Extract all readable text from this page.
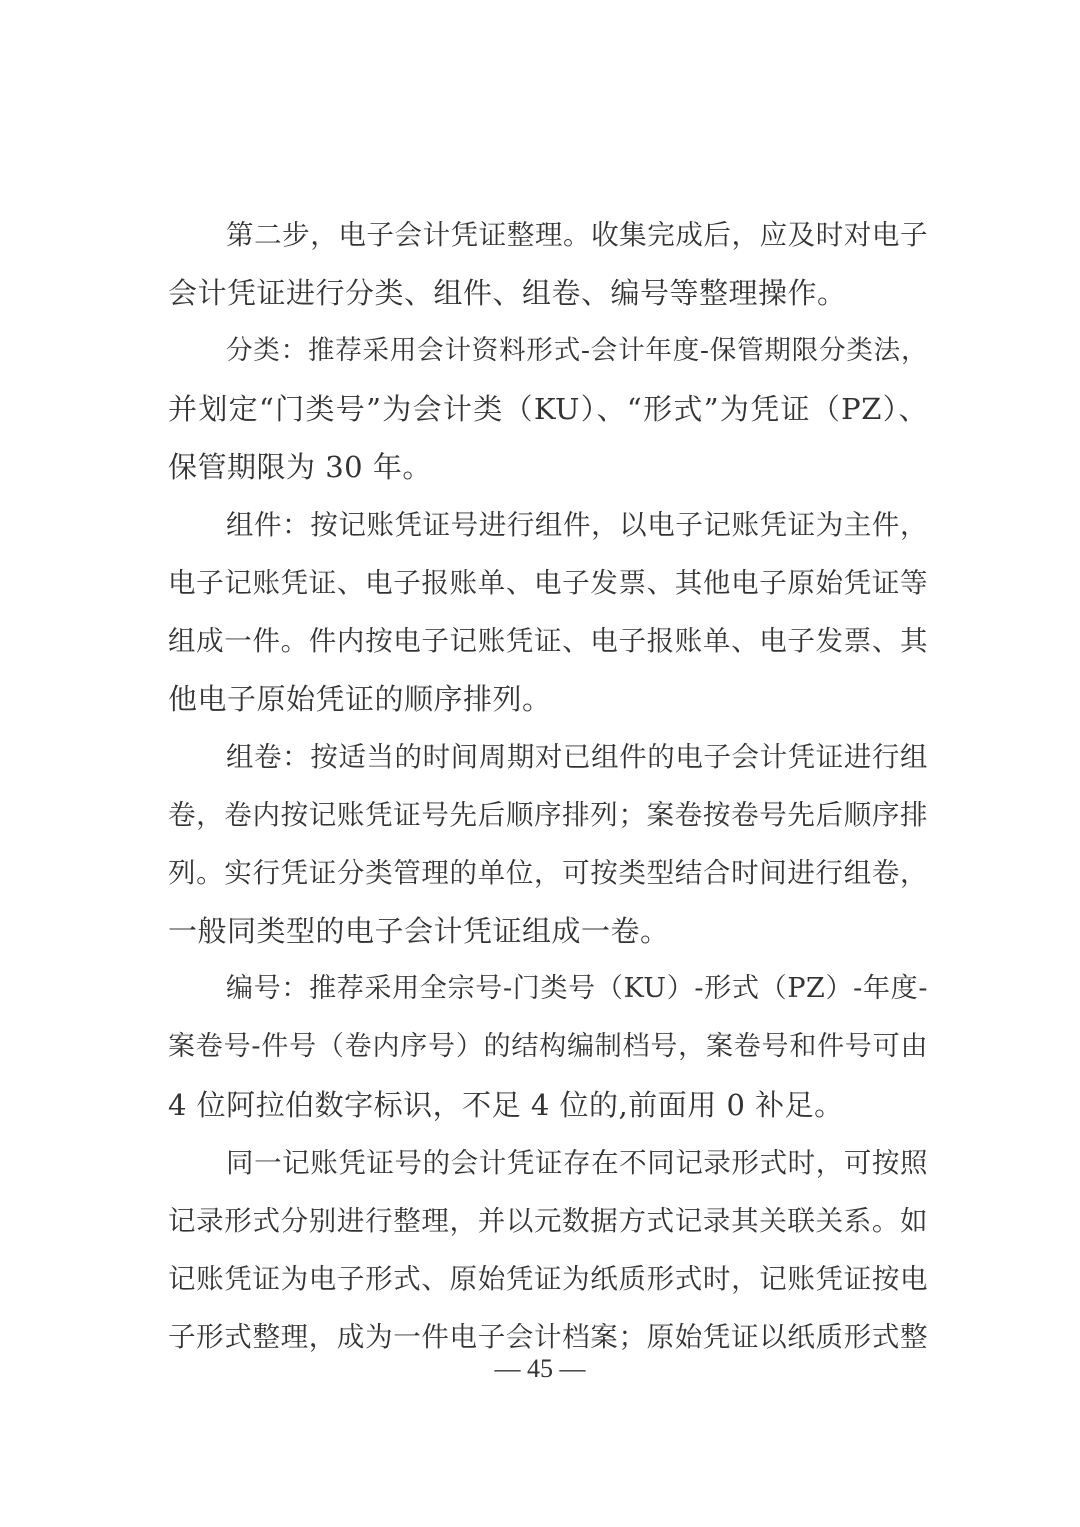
第二步，电子会计凭证整理。收集完成后，应及时对电子
会计凭证进行分类、组件、组卷、编号等整理操作。
分类：推荐采用会计资料形式-会计年度-保管期限分类法，
并划定“门类号”为会计类（KU）、“形式”为凭证（PZ）、
保管期限为 30 年。
组件：按记账凭证号进行组件，以电子记账凭证为主件，
电子记账凭证、电子报账单、电子发票、其他电子原始凭证等
组成一件。件内按电子记账凭证、电子报账单、电子发票、其
他电子原始凭证的顺序排列。
组卷：按适当的时间周期对已组件的电子会计凭证进行组
卷，卷内按记账凭证号先后顺序排列；案卷按卷号先后顺序排
列。实行凭证分类管理的单位，可按类型结合时间进行组卷，
一般同类型的电子会计凭证组成一卷。
编号：推荐采用全宗号-门类号（KU）-形式（PZ）-年度-
案卷号-件号（卷内序号）的结构编制档号，案卷号和件号可由
4 位阿拉伯数字标识，不足 4 位的,前面用 0 补足。
同一记账凭证号的会计凭证存在不同记录形式时，可按照
记录形式分别进行整理，并以元数据方式记录其关联关系。如
记账凭证为电子形式、原始凭证为纸质形式时，记账凭证按电
子形式整理，成为一件电子会计档案；原始凭证以纸质形式整
— 45 —
